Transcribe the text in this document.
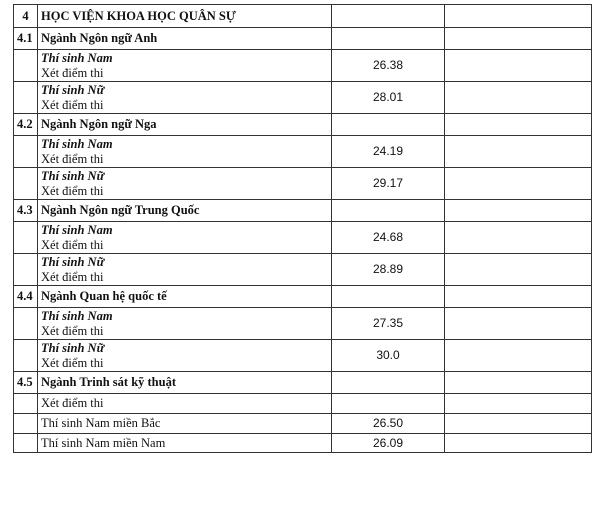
4	HỌC VIỆN KHOA HỌC QUÂN SỰ		
4.1	Ngành Ngôn ngữ Anh		

	Thí sinh Nam
Xét điểm thi	26.38	

	Thí sinh Nữ
Xét điểm thi	28.01	
4.2	Ngành Ngôn ngữ Nga		

	Thí sinh Nam
Xét điểm thi	24.19	

	Thí sinh Nữ
Xét điểm thi	29.17	
4.3	Ngành Ngôn ngữ Trung Quốc		

	Thí sinh Nam
Xét điểm thi	24.68	

	Thí sinh Nữ
Xét điểm thi	28.89	
4.4	Ngành Quan hệ quốc tế		

	Thí sinh Nam
Xét điểm thi	27.35	

	Thí sinh Nữ
Xét điểm thi	30.0	
4.5	Ngành Trinh sát kỹ thuật		
	Xét điểm thi		
	Thí sinh Nam miền Bắc	26.50	
	Thí sinh Nam miền Nam	26.09	
